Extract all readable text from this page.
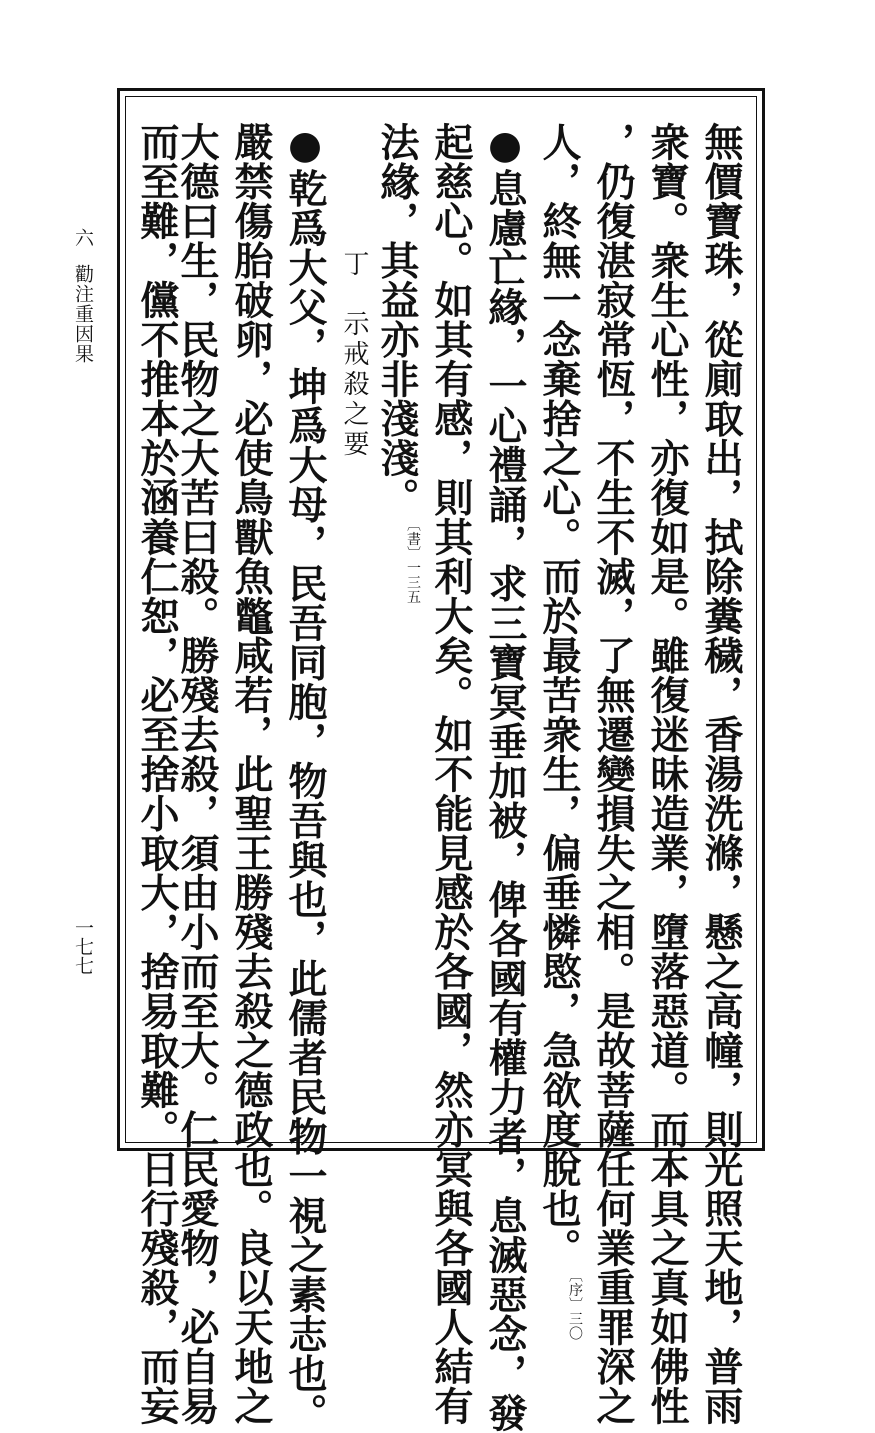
六
勸注重因果
一七七	無價寶珠，從廁取出，拭除糞穢，香湯洗滌，懸之高幢，則光照天地，普雨
衆寶。衆生心性，亦復如是。雖復迷昧造業，墮落惡道。而本具之真如佛性
，仍復湛寂常恆，不生不滅，了無遷變損失之相。是故菩薩任何業重罪深之
人，終無一念棄捨之心。而於最苦衆生，偏垂憐愍，急欲度脫也。〔序〕三〇
●息慮亡緣，一心禮誦，求三寶冥垂加被，俾各國有權力者，息滅惡念，發
起慈心。如其有感，則其利大矣。如不能見感於各國，然亦冥與各國人結有
法緣，其益亦非淺淺。〔書〕一三五
丁　示戒殺之要
●乾爲大父，坤爲大母，民吾同胞，物吾與也，此儒者民物一視之素志也。
嚴禁傷胎破卵，必使鳥獸魚鼈咸若，此聖王勝殘去殺之德政也。良以天地之
大德曰生，民物之大苦曰殺。勝殘去殺，須由小而至大。仁民愛物，必自易
而至難，儻不推本於涵養仁恕，必至捨小取大，捨易取難。日行殘殺，而妄
